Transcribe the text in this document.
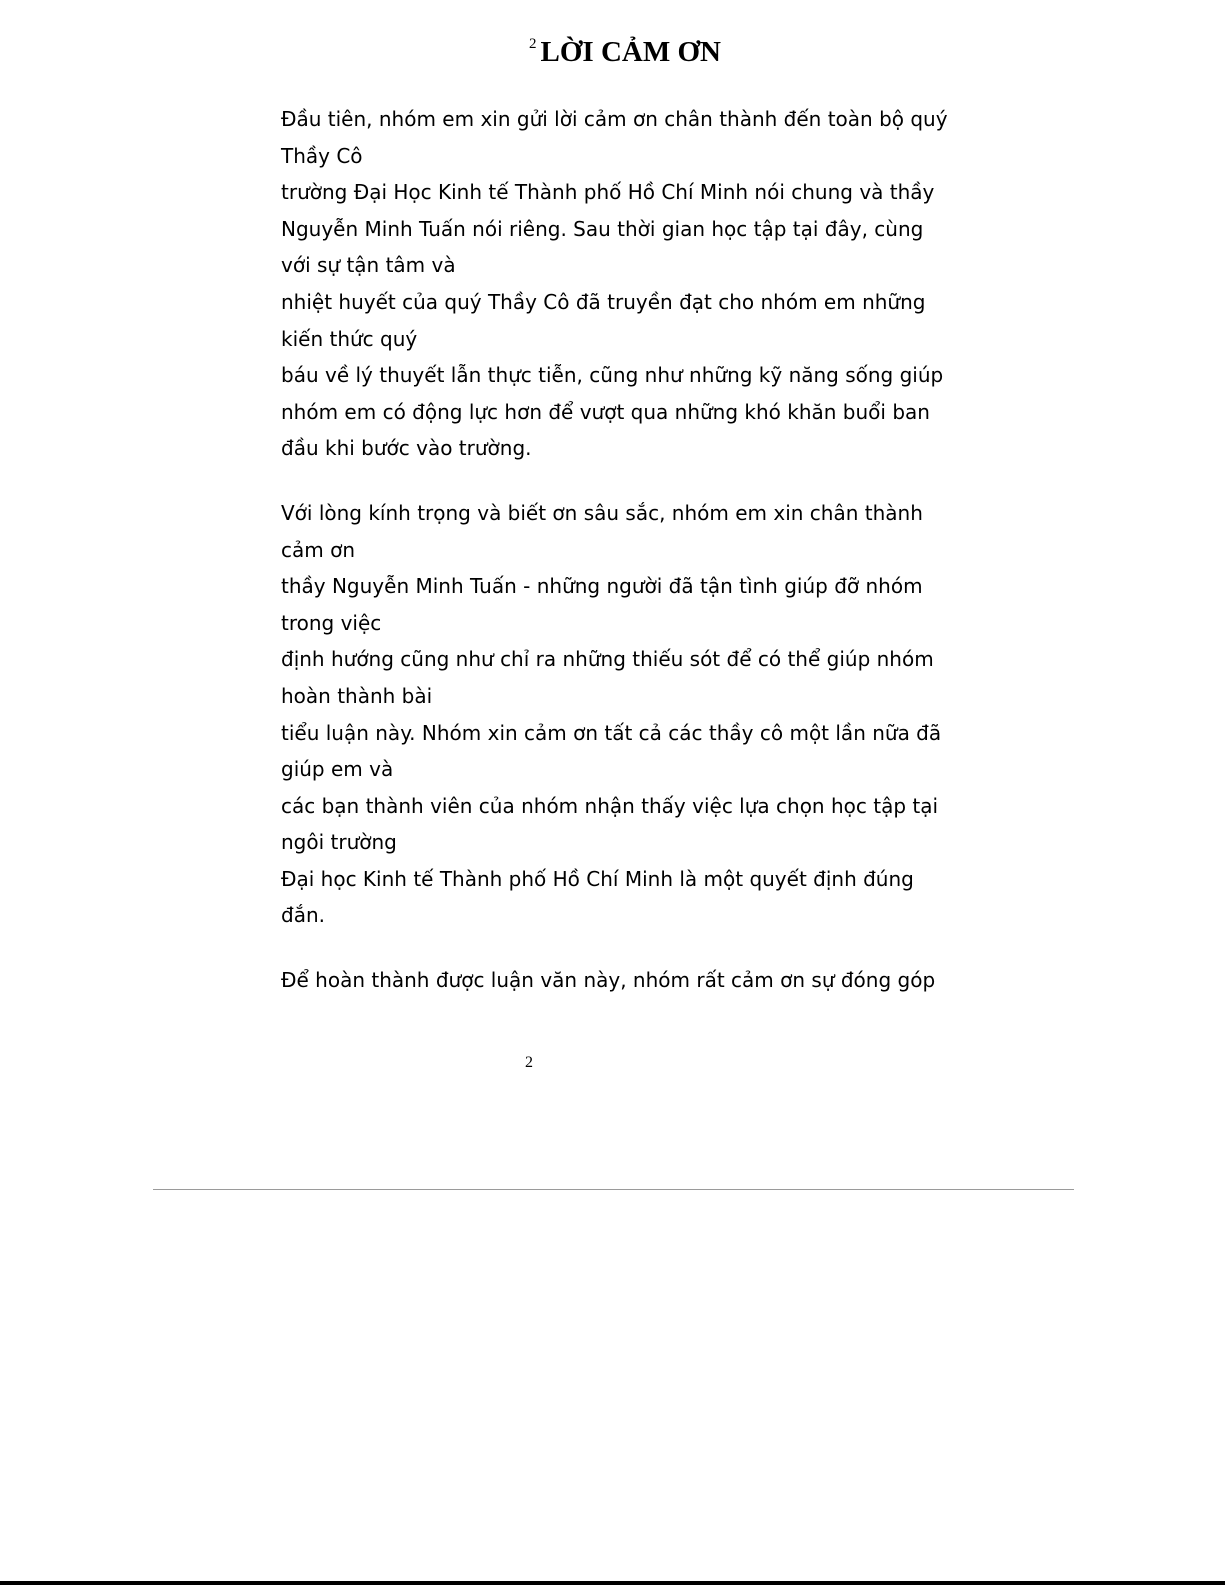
$^2$ LỜI CẢM ƠN
Đầu tiên, nhóm em xin gửi lời cảm ơn chân thành đến toàn bộ quý
Thầy Cô
trường Đại Học Kinh tế Thành phố Hồ Chí Minh nói chung và thầy
Nguyễn Minh Tuấn nói riêng. Sau thời gian học tập tại đây, cùng
với sự tận tâm và
nhiệt huyết của quý Thầy Cô đã truyền đạt cho nhóm em những
kiến thức quý
báu về lý thuyết lẫn thực tiễn, cũng như những kỹ năng sống giúp
nhóm em có động lực hơn để vượt qua những khó khăn buổi ban
đầu khi bước vào trường.
Với lòng kính trọng và biết ơn sâu sắc, nhóm em xin chân thành
cảm ơn
thầy Nguyễn Minh Tuấn - những người đã tận tình giúp đỡ nhóm
trong việc
định hướng cũng như chỉ ra những thiếu sót để có thể giúp nhóm
hoàn thành bài
tiểu luận này. Nhóm xin cảm ơn tất cả các thầy cô một lần nữa đã
giúp em và
các bạn thành viên của nhóm nhận thấy việc lựa chọn học tập tại
ngôi trường
Đại học Kinh tế Thành phố Hồ Chí Minh là một quyết định đúng
đắn.
Để hoàn thành được luận văn này, nhóm rất cảm ơn sự đóng góp
2
